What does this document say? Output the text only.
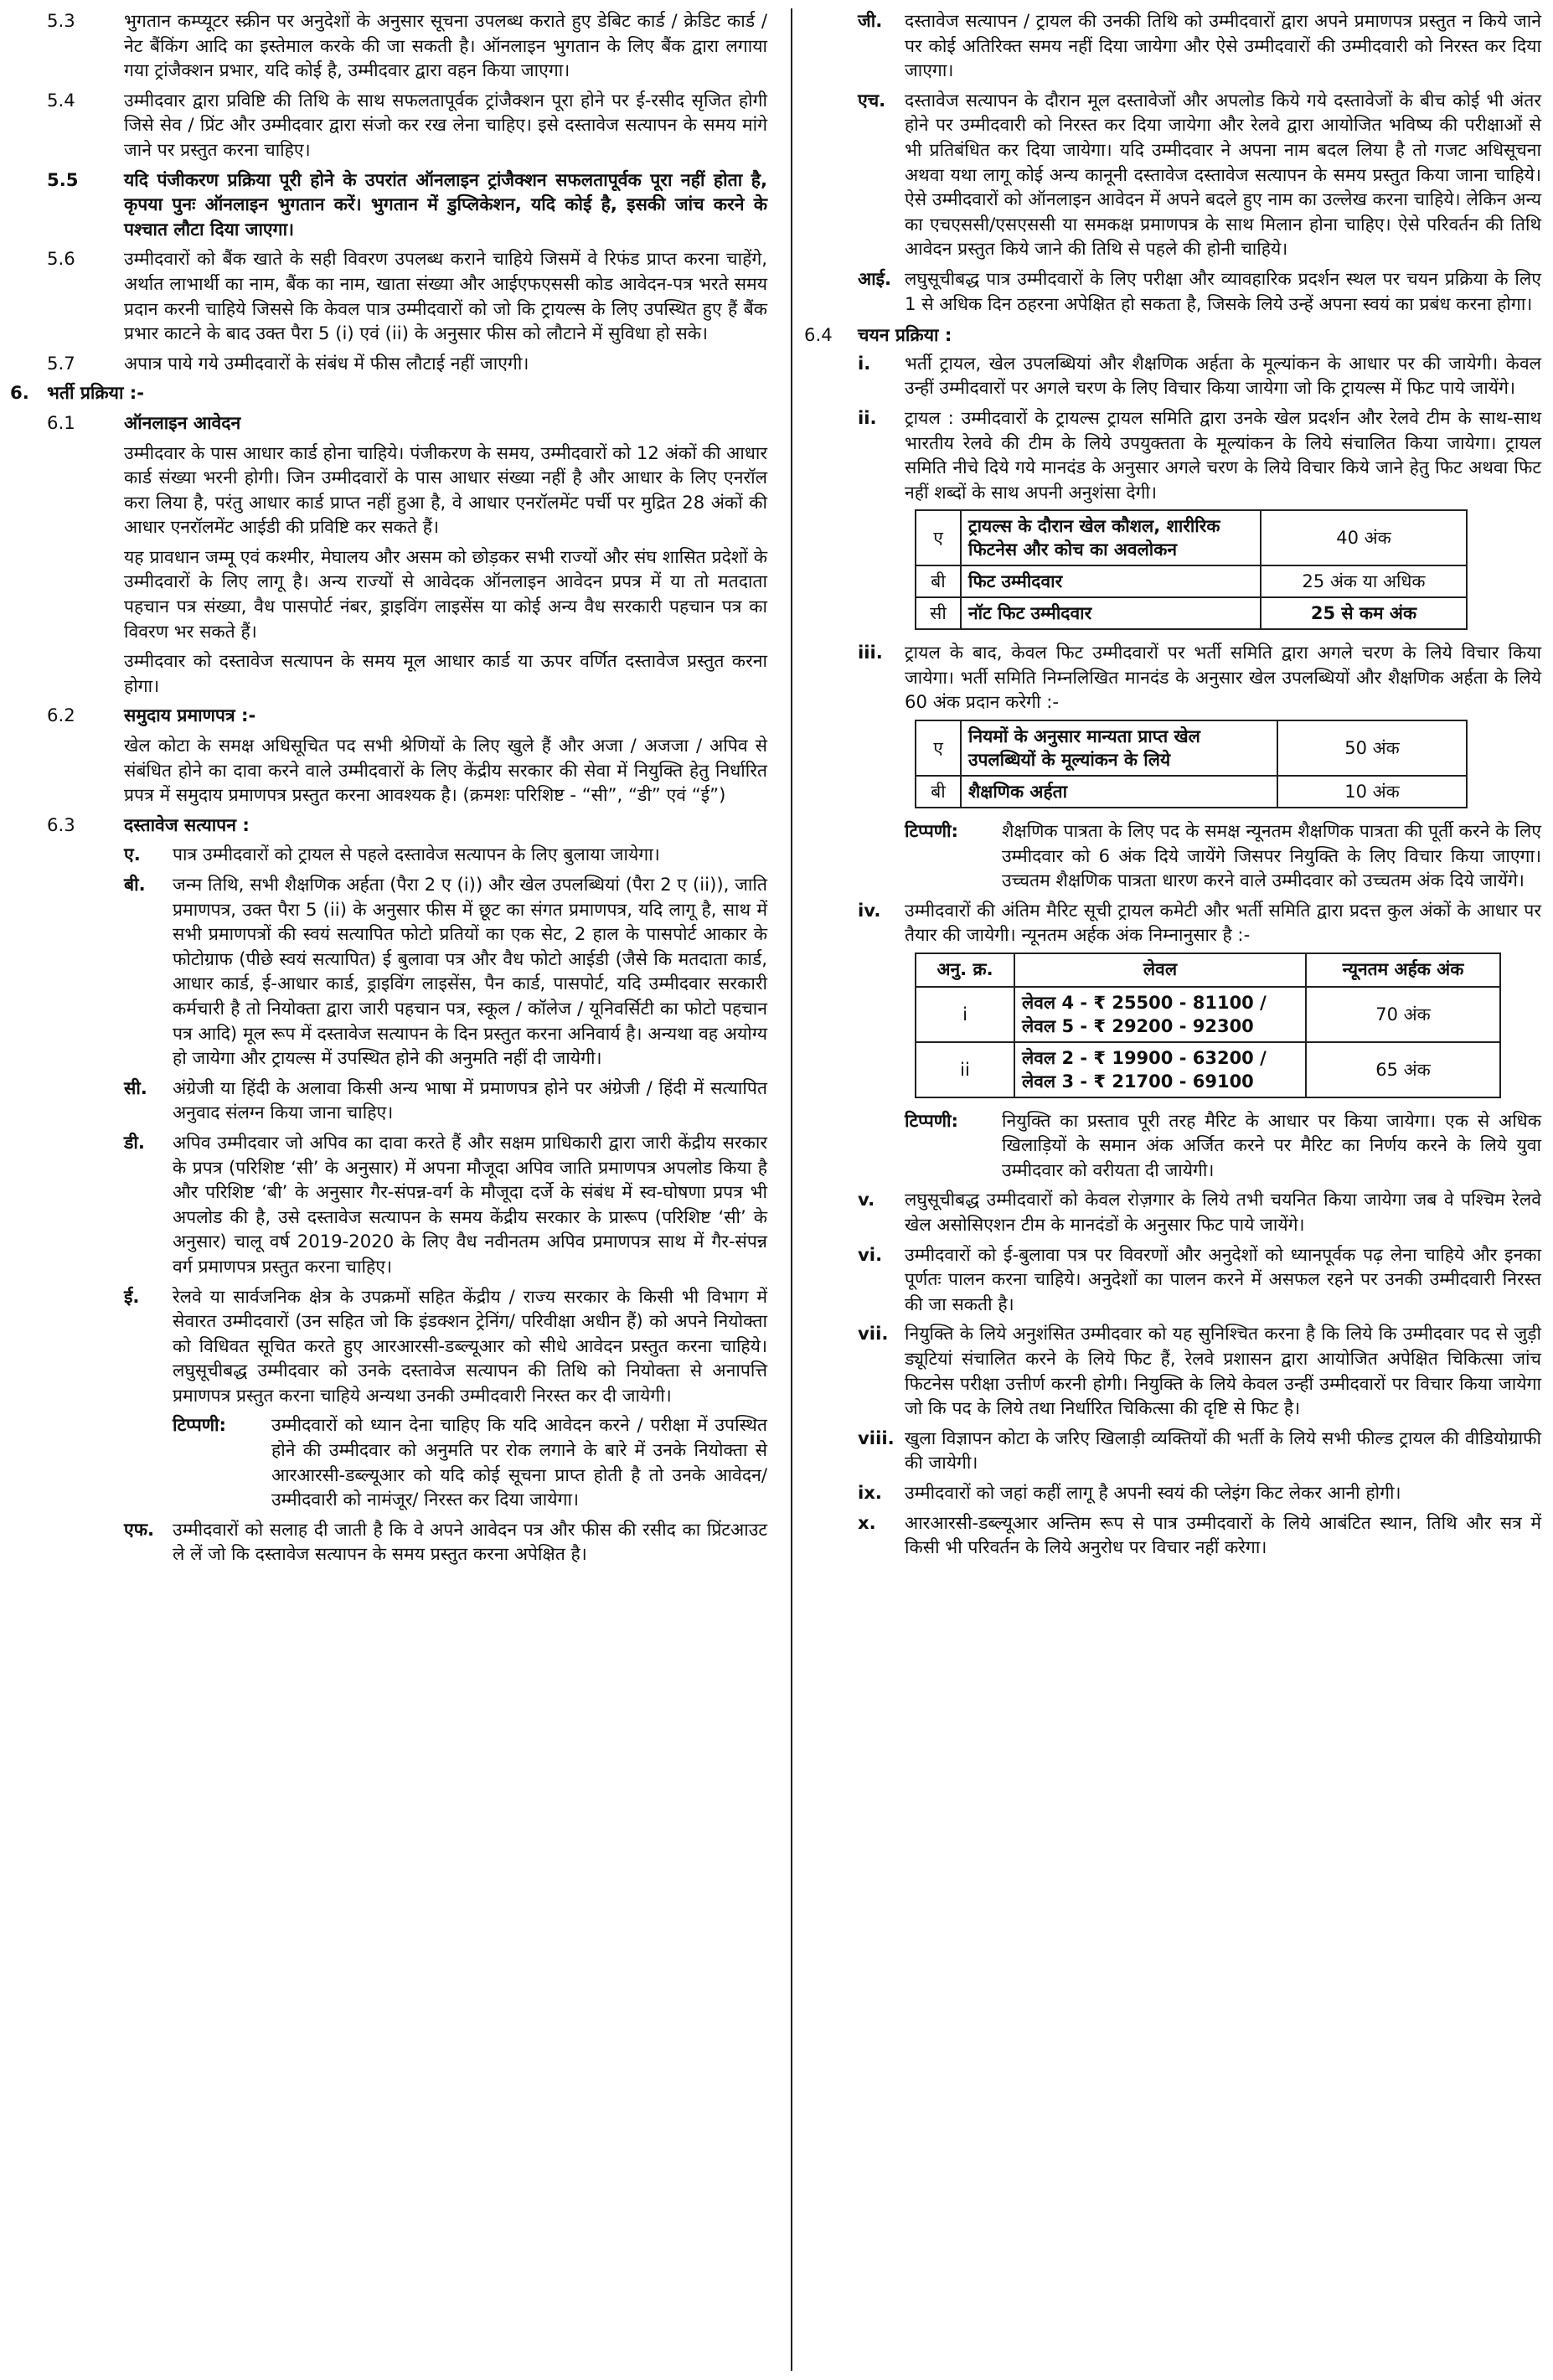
5.3	भुगतान कम्प्यूटर स्क्रीन पर अनुदेशों के अनुसार सूचना उपलब्ध कराते हुए डेबिट कार्ड / क्रेडिट कार्ड / नेट बैंकिंग आदि का इस्तेमाल करके की जा सकती है। ऑनलाइन भुगतान के लिए बैंक द्वारा लगाया गया ट्रांजैक्शन प्रभार, यदि कोई है, उम्मीदवार द्वारा वहन किया जाएगा।
5.4	उम्मीदवार द्वारा प्रविष्टि की तिथि के साथ सफलतापूर्वक ट्रांजैक्शन पूरा होने पर ई-रसीद सृजित होगी जिसे सेव / प्रिंट और उम्मीदवार द्वारा संजो कर रख लेना चाहिए। इसे दस्तावेज सत्यापन के समय मांगे जाने पर प्रस्तुत करना चाहिए।
5.5	यदि पंजीकरण प्रक्रिया पूरी होने के उपरांत ऑनलाइन ट्रांजैक्शन सफलतापूर्वक पूरा नहीं होता है, कृपया पुनः ऑनलाइन भुगतान करें। भुगतान में डुप्लिकेशन, यदि कोई है, इसकी जांच करने के पश्चात लौटा दिया जाएगा।
5.6	उम्मीदवारों को बैंक खाते के सही विवरण उपलब्ध कराने चाहिये जिसमें वे रिफंड प्राप्त करना चाहेंगे, अर्थात लाभार्थी का नाम, बैंक का नाम, खाता संख्या और आईएफएससी कोड आवेदन-पत्र भरते समय प्रदान करनी चाहिये जिससे कि केवल पात्र उम्मीदवारों को जो कि ट्रायल्स के लिए उपस्थित हुए हैं बैंक प्रभार काटने के बाद उक्त पैरा 5 (i) एवं (ii) के अनुसार फीस को लौटाने में सुविधा हो सके।
5.7	अपात्र पाये गये उम्मीदवारों के संबंध में फीस लौटाई नहीं जाएगी।
6. भर्ती प्रक्रिया :-
6.1	ऑनलाइन आवेदन
उम्मीदवार के पास आधार कार्ड होना चाहिये। पंजीकरण के समय, उम्मीदवारों को 12 अंकों की आधार कार्ड संख्या भरनी होगी। जिन उम्मीदवारों के पास आधार संख्या नहीं है और आधार के लिए एनरॉल करा लिया है, परंतु आधार कार्ड प्राप्त नहीं हुआ है, वे आधार एनरॉलमेंट पर्ची पर मुद्रित 28 अंकों की आधार एनरॉलमेंट आईडी की प्रविष्टि कर सकते हैं।
यह प्रावधान जम्मू एवं कश्मीर, मेघालय और असम को छोड़कर सभी राज्यों और संघ शासित प्रदेशों के उम्मीदवारों के लिए लागू है। अन्य राज्यों से आवेदक ऑनलाइन आवेदन प्रपत्र में या तो मतदाता पहचान पत्र संख्या, वैध पासपोर्ट नंबर, ड्राइविंग लाइसेंस या कोई अन्य वैध सरकारी पहचान पत्र का विवरण भर सकते हैं।
उम्मीदवार को दस्तावेज सत्यापन के समय मूल आधार कार्ड या ऊपर वर्णित दस्तावेज प्रस्तुत करना होगा।
6.2	समुदाय प्रमाणपत्र :-
खेल कोटा के समक्ष अधिसूचित पद सभी श्रेणियों के लिए खुले हैं और अजा / अजजा / अपिव से संबंधित होने का दावा करने वाले उम्मीदवारों के लिए केंद्रीय सरकार की सेवा में नियुक्ति हेतु निर्धारित प्रपत्र में समुदाय प्रमाणपत्र प्रस्तुत करना आवश्यक है। (क्रमशः परिशिष्ट - “सी”, “डी” एवं “ई”)
6.3	दस्तावेज सत्यापन :
ए. पात्र उम्मीदवारों को ट्रायल से पहले दस्तावेज सत्यापन के लिए बुलाया जायेगा।
बी. जन्म तिथि, सभी शैक्षणिक अर्हता (पैरा 2 ए (i)) और खेल उपलब्धियां (पैरा 2 ए (ii)), जाति प्रमाणपत्र, उक्त पैरा 5 (ii) के अनुसार फीस में छूट का संगत प्रमाणपत्र, यदि लागू है, साथ में सभी प्रमाणपत्रों की स्वयं सत्यापित फोटो प्रतियों का एक सेट, 2 हाल के पासपोर्ट आकार के फोटोग्राफ (पीछे स्वयं सत्यापित) ई बुलावा पत्र और वैध फोटो आईडी (जैसे कि मतदाता कार्ड, आधार कार्ड, ई-आधार कार्ड, ड्राइविंग लाइसेंस, पैन कार्ड, पासपोर्ट, यदि उम्मीदवार सरकारी कर्मचारी है तो नियोक्ता द्वारा जारी पहचान पत्र, स्कूल / कॉलेज / यूनिवर्सिटी का फोटो पहचान पत्र आदि) मूल रूप में दस्तावेज सत्यापन के दिन प्रस्तुत करना अनिवार्य है। अन्यथा वह अयोग्य हो जायेगा और ट्रायल्स में उपस्थित होने की अनुमति नहीं दी जायेगी।
सी. अंग्रेजी या हिंदी के अलावा किसी अन्य भाषा में प्रमाणपत्र होने पर अंग्रेजी / हिंदी में सत्यापित अनुवाद संलग्न किया जाना चाहिए।
डी. अपिव उम्मीदवार जो अपिव का दावा करते हैं और सक्षम प्राधिकारी द्वारा जारी केंद्रीय सरकार के प्रपत्र (परिशिष्ट ‘सी’ के अनुसार) में अपना मौजूदा अपिव जाति प्रमाणपत्र अपलोड किया है और परिशिष्ट ‘बी’ के अनुसार गैर-संपन्न-वर्ग के मौजूदा दर्जे के संबंध में स्व-घोषणा प्रपत्र भी अपलोड की है, उसे दस्तावेज सत्यापन के समय केंद्रीय सरकार के प्रारूप (परिशिष्ट ‘सी’ के अनुसार) चालू वर्ष 2019-2020 के लिए वैध नवीनतम अपिव प्रमाणपत्र साथ में गैर-संपन्न वर्ग प्रमाणपत्र प्रस्तुत करना चाहिए।
ई. रेलवे या सार्वजनिक क्षेत्र के उपक्रमों सहित केंद्रीय / राज्य सरकार के किसी भी विभाग में सेवारत उम्मीदवारों (उन सहित जो कि इंडक्शन ट्रेनिंग/ परिवीक्षा अधीन हैं) को अपने नियोक्ता को विधिवत सूचित करते हुए आरआरसी-डब्ल्यूआर को सीधे आवेदन प्रस्तुत करना चाहिये। लघुसूचीबद्ध उम्मीदवार को उनके दस्तावेज सत्यापन की तिथि को नियोक्ता से अनापत्ति प्रमाणपत्र प्रस्तुत करना चाहिये अन्यथा उनकी उम्मीदवारी निरस्त कर दी जायेगी।
टिप्पणी:	उम्मीदवारों को ध्यान देना चाहिए कि यदि आवेदन करने / परीक्षा में उपस्थित होने की उम्मीदवार को अनुमति पर रोक लगाने के बारे में उनके नियोक्ता से आरआरसी-डब्ल्यूआर को यदि कोई सूचना प्राप्त होती है तो उनके आवेदन/उम्मीदवारी को नामंजूर/ निरस्त कर दिया जायेगा।
एफ. उम्मीदवारों को सलाह दी जाती है कि वे अपने आवेदन पत्र और फीस की रसीद का प्रिंटआउट ले लें जो कि दस्तावेज सत्यापन के समय प्रस्तुत करना अपेक्षित है।
जी. दस्तावेज सत्यापन / ट्रायल की उनकी तिथि को उम्मीदवारों द्वारा अपने प्रमाणपत्र प्रस्तुत न किये जाने पर कोई अतिरिक्त समय नहीं दिया जायेगा और ऐसे उम्मीदवारों की उम्मीदवारी को निरस्त कर दिया जाएगा।
एच. दस्तावेज सत्यापन के दौरान मूल दस्तावेजों और अपलोड किये गये दस्तावेजों के बीच कोई भी अंतर होने पर उम्मीदवारी को निरस्त कर दिया जायेगा और रेलवे द्वारा आयोजित भविष्य की परीक्षाओं से भी प्रतिबंधित कर दिया जायेगा। यदि उम्मीदवार ने अपना नाम बदल लिया है तो गजट अधिसूचना अथवा यथा लागू कोई अन्य कानूनी दस्तावेज दस्तावेज सत्यापन के समय प्रस्तुत किया जाना चाहिये। ऐसे उम्मीदवारों को ऑनलाइन आवेदन में अपने बदले हुए नाम का उल्लेख करना चाहिये। लेकिन अन्य का एचएससी/एसएससी या समकक्ष प्रमाणपत्र के साथ मिलान होना चाहिए। ऐसे परिवर्तन की तिथि आवेदन प्रस्तुत किये जाने की तिथि से पहले की होनी चाहिये।
आई. लघुसूचीबद्ध पात्र उम्मीदवारों के लिए परीक्षा और व्यावहारिक प्रदर्शन स्थल पर चयन प्रक्रिया के लिए 1 से अधिक दिन ठहरना अपेक्षित हो सकता है, जिसके लिये उन्हें अपना स्वयं का प्रबंध करना होगा।
6.4 चयन प्रक्रिया :
i. भर्ती ट्रायल, खेल उपलब्धियां और शैक्षणिक अर्हता के मूल्यांकन के आधार पर की जायेगी। केवल उन्हीं उम्मीदवारों पर अगले चरण के लिए विचार किया जायेगा जो कि ट्रायल्स में फिट पाये जायेंगे।
ii. ट्रायल : उम्मीदवारों के ट्रायल्स ट्रायल समिति द्वारा उनके खेल प्रदर्शन और रेलवे टीम के साथ-साथ भारतीय रेलवे की टीम के लिये उपयुक्तता के मूल्यांकन के लिये संचालित किया जायेगा। ट्रायल समिति नीचे दिये गये मानदंड के अनुसार अगले चरण के लिये विचार किये जाने हेतु फिट अथवा फिट नहीं शब्दों के साथ अपनी अनुशंसा देगी।
ए	ट्रायल्स के दौरान खेल कौशल, शारीरिक फिटनेस और कोच का अवलोकन	40 अंक
बी	फिट उम्मीदवार	25 अंक या अधिक
सी	नॉट फिट उम्मीदवार	25 से कम अंक
iii. ट्रायल के बाद, केवल फिट उम्मीदवारों पर भर्ती समिति द्वारा अगले चरण के लिये विचार किया जायेगा। भर्ती समिति निम्नलिखित मानदंड के अनुसार खेल उपलब्धियों और शैक्षणिक अर्हता के लिये 60 अंक प्रदान करेगी :-
ए	नियमों के अनुसार मान्यता प्राप्त खेल उपलब्धियों के मूल्यांकन के लिये	50 अंक
बी	शैक्षणिक अर्हता	10 अंक
टिप्पणी: शैक्षणिक पात्रता के लिए पद के समक्ष न्यूनतम शैक्षणिक पात्रता की पूर्ती करने के लिए उम्मीदवार को 6 अंक दिये जायेंगे जिसपर नियुक्ति के लिए विचार किया जाएगा। उच्चतम शैक्षणिक पात्रता धारण करने वाले उम्मीदवार को उच्चतम अंक दिये जायेंगे।
iv. उम्मीदवारों की अंतिम मैरिट सूची ट्रायल कमेटी और भर्ती समिति द्वारा प्रदत्त कुल अंकों के आधार पर तैयार की जायेगी। न्यूनतम अर्हक अंक निम्नानुसार है :-
अनु. क्र.	लेवल	न्यूनतम अर्हक अंक
i	लेवल 4 - ₹ 25500 - 81100 /
लेवल 5 - ₹ 29200 - 92300	70 अंक
ii	लेवल 2 - ₹ 19900 - 63200 /
लेवल 3 - ₹ 21700 - 69100	65 अंक
टिप्पणी: नियुक्ति का प्रस्ताव पूरी तरह मैरिट के आधार पर किया जायेगा। एक से अधिक खिलाड़ियों के समान अंक अर्जित करने पर मैरिट का निर्णय करने के लिये युवा उम्मीदवार को वरीयता दी जायेगी।
v. लघुसूचीबद्ध उम्मीदवारों को केवल रोज़गार के लिये तभी चयनित किया जायेगा जब वे पश्चिम रेलवे खेल असोसिएशन टीम के मानदंडों के अनुसार फिट पाये जायेंगे।
vi. उम्मीदवारों को ई-बुलावा पत्र पर विवरणों और अनुदेशों को ध्यानपूर्वक पढ़ लेना चाहिये और इनका पूर्णतः पालन करना चाहिये। अनुदेशों का पालन करने में असफल रहने पर उनकी उम्मीदवारी निरस्त की जा सकती है।
vii. नियुक्ति के लिये अनुशंसित उम्मीदवार को यह सुनिश्चित करना है कि लिये कि उम्मीदवार पद से जुड़ी ड्यूटियां संचालित करने के लिये फिट हैं, रेलवे प्रशासन द्वारा आयोजित अपेक्षित चिकित्सा जांच फिटनेस परीक्षा उत्तीर्ण करनी होगी। नियुक्ति के लिये केवल उन्हीं उम्मीदवारों पर विचार किया जायेगा जो कि पद के लिये तथा निर्धारित चिकित्सा की दृष्टि से फिट है।
viii. खुला विज्ञापन कोटा के जरिए खिलाड़ी व्यक्तियों की भर्ती के लिये सभी फील्ड ट्रायल की वीडियोग्राफी की जायेगी।
ix. उम्मीदवारों को जहां कहीं लागू है अपनी स्वयं की प्लेइंग किट लेकर आनी होगी।
x. आरआरसी-डब्ल्यूआर अन्तिम रूप से पात्र उम्मीदवारों के लिये आबंटित स्थान, तिथि और सत्र में किसी भी परिवर्तन के लिये अनुरोध पर विचार नहीं करेगा।
